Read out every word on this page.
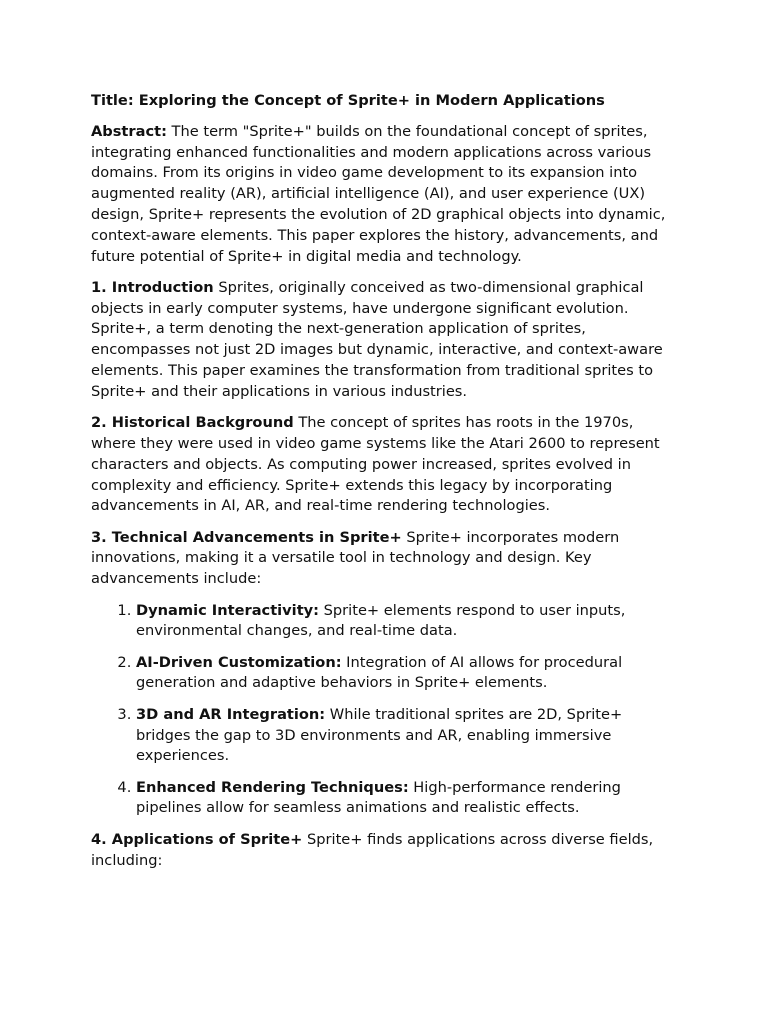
Title: Exploring the Concept of Sprite+ in Modern Applications

Abstract: The term "Sprite+" builds on the foundational concept of sprites, integrating enhanced functionalities and modern applications across various domains. From its origins in video game development to its expansion into augmented reality (AR), artificial intelligence (AI), and user experience (UX) design, Sprite+ represents the evolution of 2D graphical objects into dynamic, context-aware elements. This paper explores the history, advancements, and future potential of Sprite+ in digital media and technology.

1. Introduction Sprites, originally conceived as two-dimensional graphical objects in early computer systems, have undergone significant evolution. Sprite+, a term denoting the next-generation application of sprites, encompasses not just 2D images but dynamic, interactive, and context-aware elements. This paper examines the transformation from traditional sprites to Sprite+ and their applications in various industries.

2. Historical Background The concept of sprites has roots in the 1970s, where they were used in video game systems like the Atari 2600 to represent characters and objects. As computing power increased, sprites evolved in complexity and efficiency. Sprite+ extends this legacy by incorporating advancements in AI, AR, and real-time rendering technologies.

3. Technical Advancements in Sprite+ Sprite+ incorporates modern innovations, making it a versatile tool in technology and design. Key advancements include:

1. Dynamic Interactivity: Sprite+ elements respond to user inputs, environmental changes, and real-time data.
2. AI-Driven Customization: Integration of AI allows for procedural generation and adaptive behaviors in Sprite+ elements.
3. 3D and AR Integration: While traditional sprites are 2D, Sprite+ bridges the gap to 3D environments and AR, enabling immersive experiences.
4. Enhanced Rendering Techniques: High-performance rendering pipelines allow for seamless animations and realistic effects.

4. Applications of Sprite+ Sprite+ finds applications across diverse fields, including:
